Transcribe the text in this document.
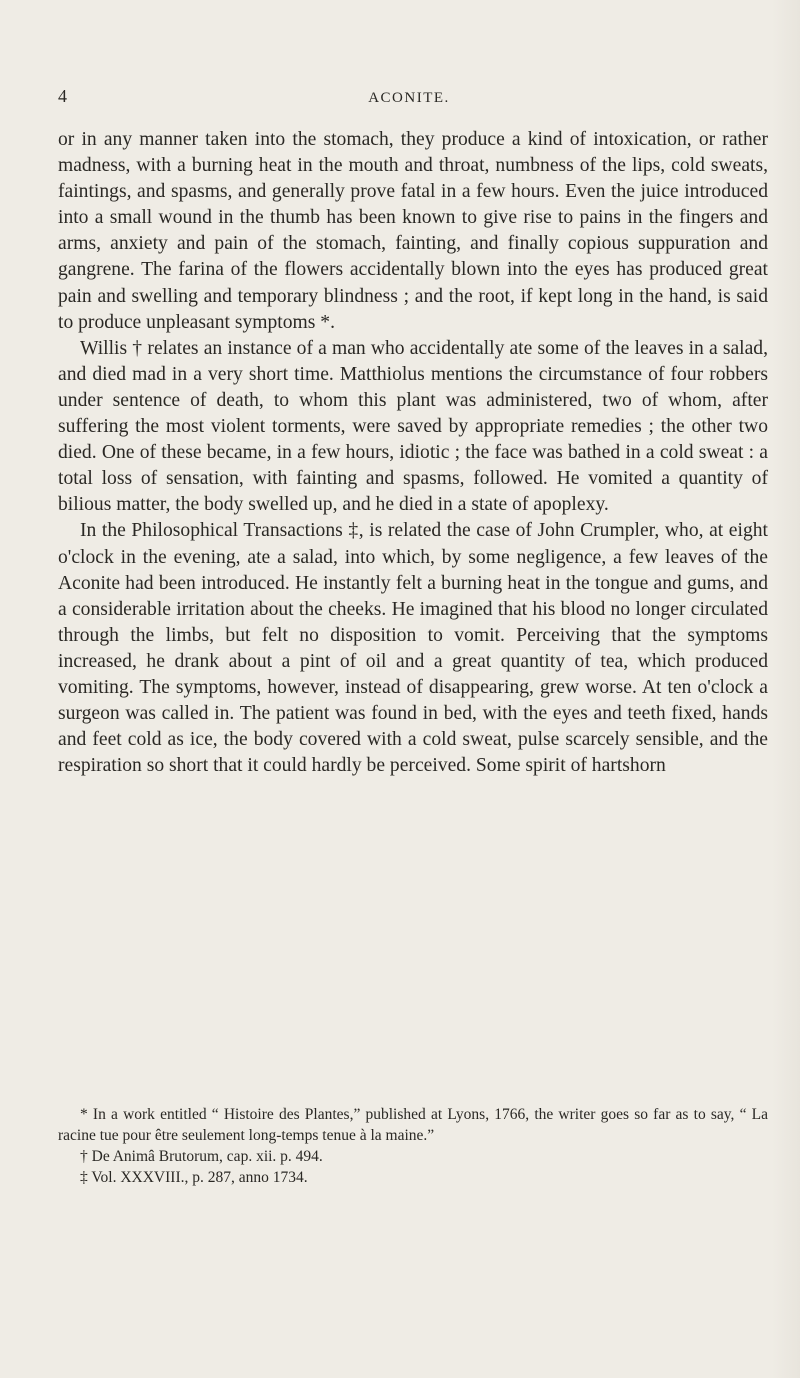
4	ACONITE.

or in any manner taken into the stomach, they produce a kind of intoxication, or rather madness, with a burning heat in the mouth and throat, numbness of the lips, cold sweats, faintings, and spasms, and generally prove fatal in a few hours. Even the juice introduced into a small wound in the thumb has been known to give rise to pains in the fingers and arms, anxiety and pain of the stomach, fainting, and finally copious suppuration and gangrene. The farina of the flowers accidentally blown into the eyes has produced great pain and swelling and temporary blindness ; and the root, if kept long in the hand, is said to produce unpleasant symptoms *.

Willis † relates an instance of a man who accidentally ate some of the leaves in a salad, and died mad in a very short time. Matthiolus mentions the circumstance of four robbers under sentence of death, to whom this plant was administered, two of whom, after suffering the most violent torments, were saved by appropriate remedies ; the other two died. One of these became, in a few hours, idiotic ; the face was bathed in a cold sweat : a total loss of sensation, with fainting and spasms, followed. He vomited a quantity of bilious matter, the body swelled up, and he died in a state of apoplexy.

In the Philosophical Transactions ‡, is related the case of John Crumpler, who, at eight o'clock in the evening, ate a salad, into which, by some negligence, a few leaves of the Aconite had been introduced. He instantly felt a burning heat in the tongue and gums, and a considerable irritation about the cheeks. He imagined that his blood no longer circulated through the limbs, but felt no disposition to vomit. Perceiving that the symptoms increased, he drank about a pint of oil and a great quantity of tea, which produced vomiting. The symptoms, however, instead of disappearing, grew worse. At ten o'clock a surgeon was called in. The patient was found in bed, with the eyes and teeth fixed, hands and feet cold as ice, the body covered with a cold sweat, pulse scarcely sensible, and the respiration so short that it could hardly be perceived. Some spirit of hartshorn

* In a work entitled “ Histoire des Plantes,” published at Lyons, 1766, the writer goes so far as to say, “ La racine tue pour être seulement long-temps tenue à la maine.”

† De Animâ Brutorum, cap. xii. p. 494.

‡ Vol. XXXVIII., p. 287, anno 1734.
